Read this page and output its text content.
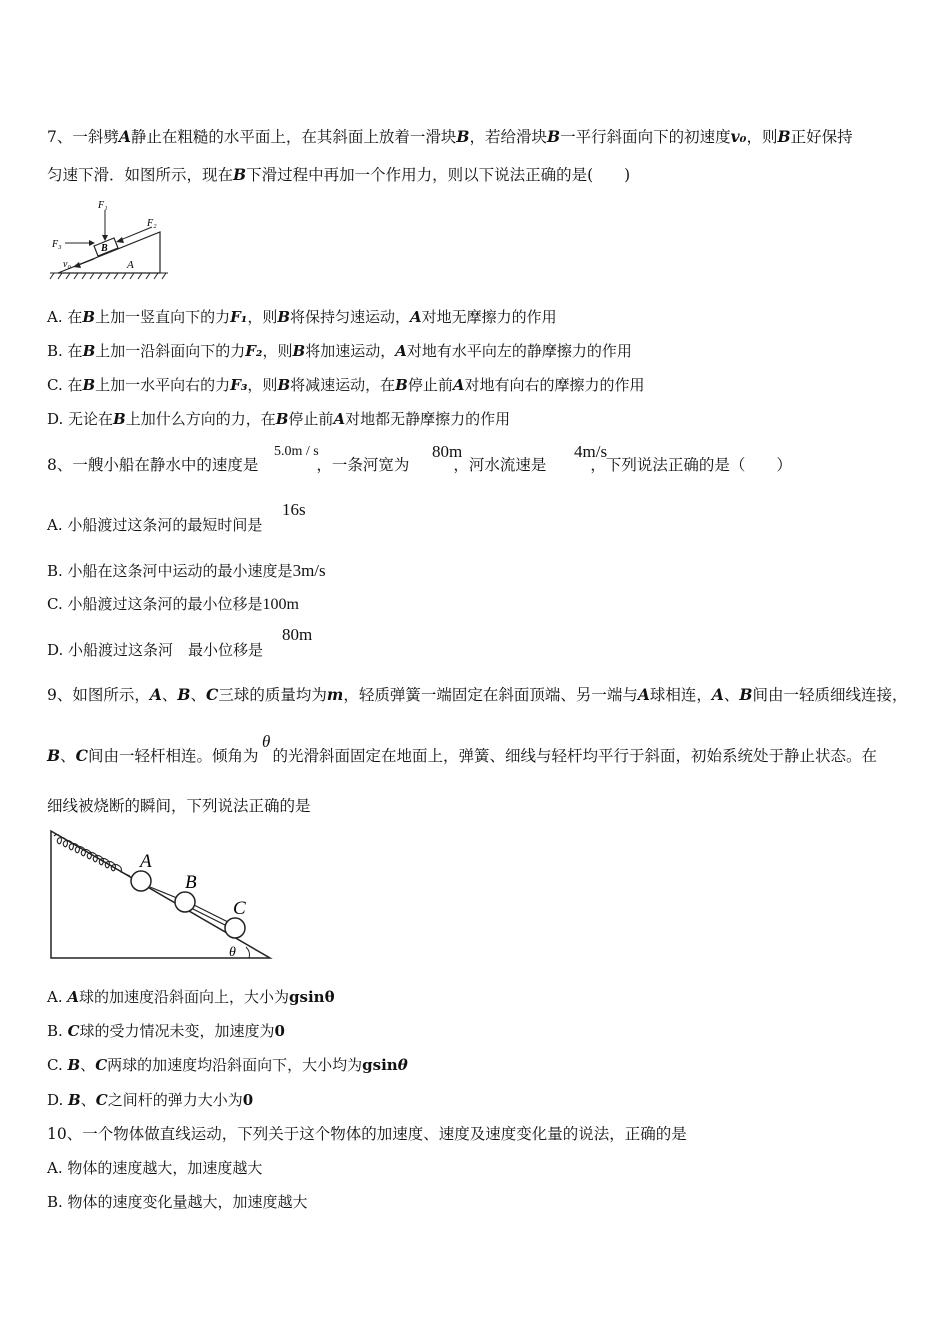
7、一斜劈A静止在粗糙的水平面上，在其斜面上放着一滑块B，若给滑块B一平行斜面向下的初速度v₀，则B正好保持
匀速下滑．如图所示，现在B下滑过程中再加一个作用力，则以下说法正确的是(　　)
F₁
F₂
F₃	B
v₀	A
A. 在B上加一竖直向下的力F₁，则B将保持匀速运动，A对地无摩擦力的作用
B. 在B上加一沿斜面向下的力F₂，则B将加速运动，A对地有水平向左的静摩擦力的作用
C. 在B上加一水平向右的力F₃，则B将减速运动，在B停止前A对地有向右的摩擦力的作用
D. 无论在B上加什么方向的力，在B停止前A对地都无静摩擦力的作用
8、一艘小船在静水中的速度是	，一条河宽为	，河水流速是	，下列说法正确的是（　　）
5.0m / s	80m	4m/s
A. 小船渡过这条河的最短时间是
16s
B. 小船在这条河中运动的最小速度是3m/s
C. 小船渡过这条河的最小位移是100m
D. 小船渡过这条河　最小位移是
80m
9、如图所示，A、B、C三球的质量均为m，轻质弹簧一端固定在斜面顶端、另一端与A球相连，A、B间由一轻质细线连接，
B、C间由一轻杆相连。倾角为 的光滑斜面固定在地面上，弹簧、细线与轻杆均平行于斜面，初始系统处于静止状态。在
θ
细线被烧断的瞬间，下列说法正确的是
A
B
C
θ
A. A球的加速度沿斜面向上，大小为gsinθ
B. C球的受力情况未变，加速度为0
C. B、C两球的加速度均沿斜面向下，大小均为gsinθ
D. B、C之间杆的弹力大小为0
10、一个物体做直线运动，下列关于这个物体的加速度、速度及速度变化量的说法，正确的是
A. 物体的速度越大，加速度越大
B. 物体的速度变化量越大，加速度越大
